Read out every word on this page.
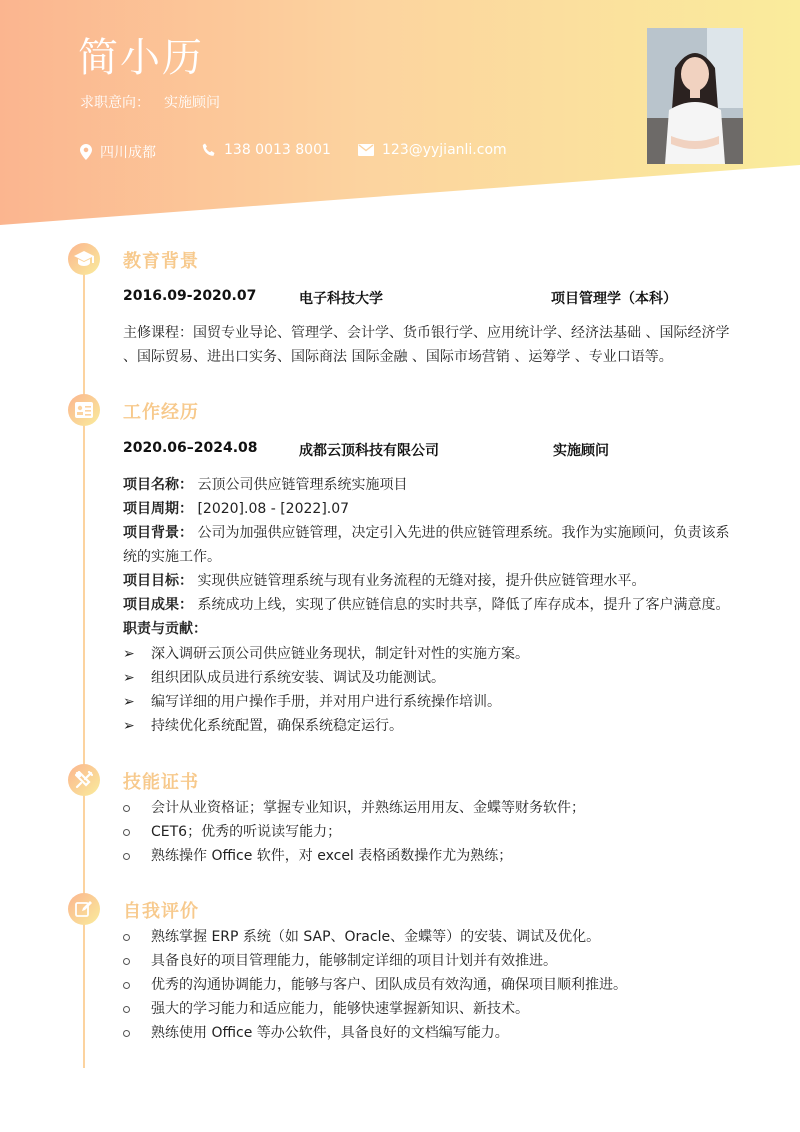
简小历
求职意向： 实施顾问
四川成都	138 0013 8001	123@yyjianli.com
教育背景
2016.09-2020.07	电子科技大学	项目管理学（本科）
主修课程：国贸专业导论、管理学、会计学、货币银行学、应用统计学、经济法基础 、国际经济学 、国际贸易、进出口实务、国际商法 国际金融 、国际市场营销 、运筹学 、专业口语等。
工作经历
2020.06–2024.08	成都云顶科技有限公司	实施顾问
项目名称： 云顶公司供应链管理系统实施项目
项目周期： [2020].08 - [2022].07
项目背景： 公司为加强供应链管理，决定引入先进的供应链管理系统。我作为实施顾问，负责该系统的实施工作。
项目目标： 实现供应链管理系统与现有业务流程的无缝对接，提升供应链管理水平。
项目成果： 系统成功上线，实现了供应链信息的实时共享，降低了库存成本，提升了客户满意度。
职责与贡献：
➢	深入调研云顶公司供应链业务现状，制定针对性的实施方案。
➢	组织团队成员进行系统安装、调试及功能测试。
➢	编写详细的用户操作手册，并对用户进行系统操作培训。
➢	持续优化系统配置，确保系统稳定运行。
技能证书
会计从业资格证；掌握专业知识，并熟练运用用友、金蝶等财务软件；
CET6；优秀的听说读写能力；
熟练操作 Office 软件，对 excel 表格函数操作尤为熟练；
自我评价
熟练掌握 ERP 系统（如 SAP、Oracle、金蝶等）的安装、调试及优化。
具备良好的项目管理能力，能够制定详细的项目计划并有效推进。
优秀的沟通协调能力，能够与客户、团队成员有效沟通，确保项目顺利推进。
强大的学习能力和适应能力，能够快速掌握新知识、新技术。
熟练使用 Office 等办公软件，具备良好的文档编写能力。
